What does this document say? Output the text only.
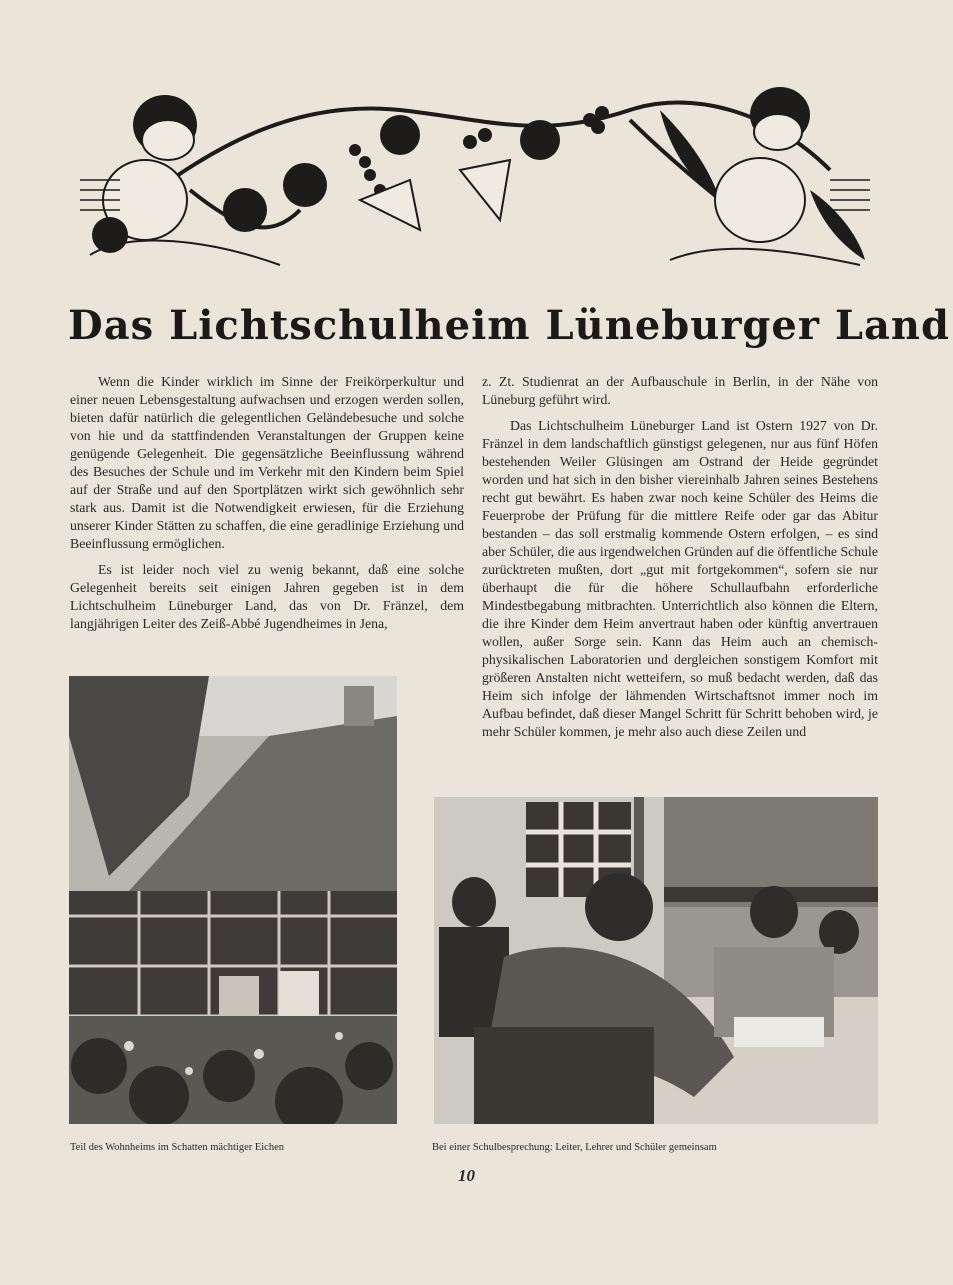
Das Lichtschulheim Lüneburger Land

Wenn die Kinder wirklich im Sinne der Freikörperkultur und einer neuen Lebensgestaltung aufwachsen und erzogen werden sollen, bieten dafür natürlich die gelegentlichen Geländebesuche und solche von hie und da stattfindenden Veranstaltungen der Gruppen keine genügende Gelegenheit. Die gegensätzliche Beeinflussung während des Besuches der Schule und im Verkehr mit den Kindern beim Spiel auf der Straße und auf den Sportplätzen wirkt sich gewöhnlich sehr stark aus. Damit ist die Notwendigkeit erwiesen, für die Erziehung unserer Kinder Stätten zu schaffen, die eine geradlinige Erziehung und Beeinflussung ermöglichen.

Es ist leider noch viel zu wenig bekannt, daß eine solche Gelegenheit bereits seit einigen Jahren gegeben ist in dem Lichtschulheim Lüneburger Land, das von Dr. Fränzel, dem langjährigen Leiter des Zeiß-Abbé Jugendheimes in Jena,

z. Zt. Studienrat an der Aufbauschule in Berlin, in der Nähe von Lüneburg geführt wird.

Das Lichtschulheim Lüneburger Land ist Ostern 1927 von Dr. Fränzel in dem landschaftlich günstigst gelegenen, nur aus fünf Höfen bestehenden Weiler Glüsingen am Ostrand der Heide gegründet worden und hat sich in den bisher viereinhalb Jahren seines Bestehens recht gut bewährt. Es haben zwar noch keine Schüler des Heims die Feuerprobe der Prüfung für die mittlere Reife oder gar das Abitur bestanden – das soll erstmalig kommende Ostern erfolgen, – es sind aber Schüler, die aus irgendwelchen Gründen auf die öffentliche Schule zurücktreten mußten, dort „gut mit fortgekommen“, sofern sie nur überhaupt die für die höhere Schullaufbahn erforderliche Mindestbegabung mitbrachten. Unterrichtlich also können die Eltern, die ihre Kinder dem Heim anvertraut haben oder künftig anvertrauen wollen, außer Sorge sein. Kann das Heim auch an chemisch-physikalischen Laboratorien und dergleichen sonstigem Komfort mit größeren Anstalten nicht wetteifern, so muß bedacht werden, daß das Heim sich infolge der lähmenden Wirtschaftsnot immer noch im Aufbau befindet, daß dieser Mangel Schritt für Schritt behoben wird, je mehr Schüler kommen, je mehr also auch diese Zeilen und

Teil des Wohnheims im Schatten mächtiger Eichen	Bei einer Schulbesprechung: Leiter, Lehrer und Schüler gemeinsam
10
